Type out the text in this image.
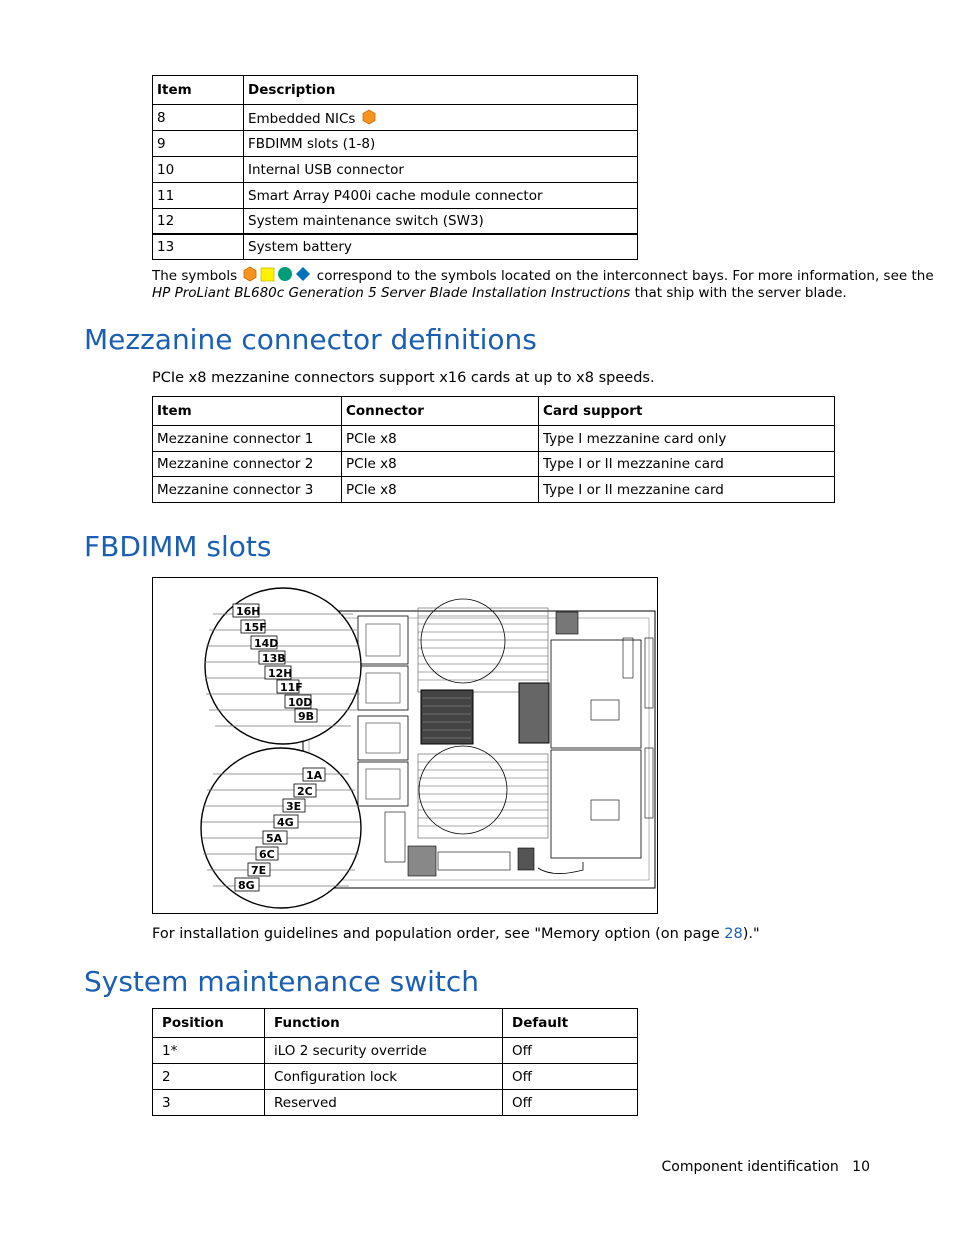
Item	Description
8	Embedded NICs
9	FBDIMM slots (1-8)
10	Internal USB connector
11	Smart Array P400i cache module connector
12	System maintenance switch (SW3)
13	System battery
The symbols	correspond to the symbols located on the interconnect bays. For more information, see the
HP ProLiant BL680c Generation 5 Server Blade Installation Instructions that ship with the server blade.
Mezzanine connector definitions
PCIe x8 mezzanine connectors support x16 cards at up to x8 speeds.
Item	Connector	Card support
Mezzanine connector 1	PCIe x8	Type I mezzanine card only
Mezzanine connector 2	PCIe x8	Type I or II mezzanine card
Mezzanine connector 3	PCIe x8	Type I or II mezzanine card
FBDIMM slots
16H
15F
14D
13B
12H
11F
10D
9B
1A
2C
3E
4G
5A
6C
7E
8G
For installation guidelines and population order, see "Memory option (on page 28)."
System maintenance switch
Position	Function	Default
1*	iLO 2 security override	Off
2	Configuration lock	Off
3	Reserved	Off
Component identification 10
